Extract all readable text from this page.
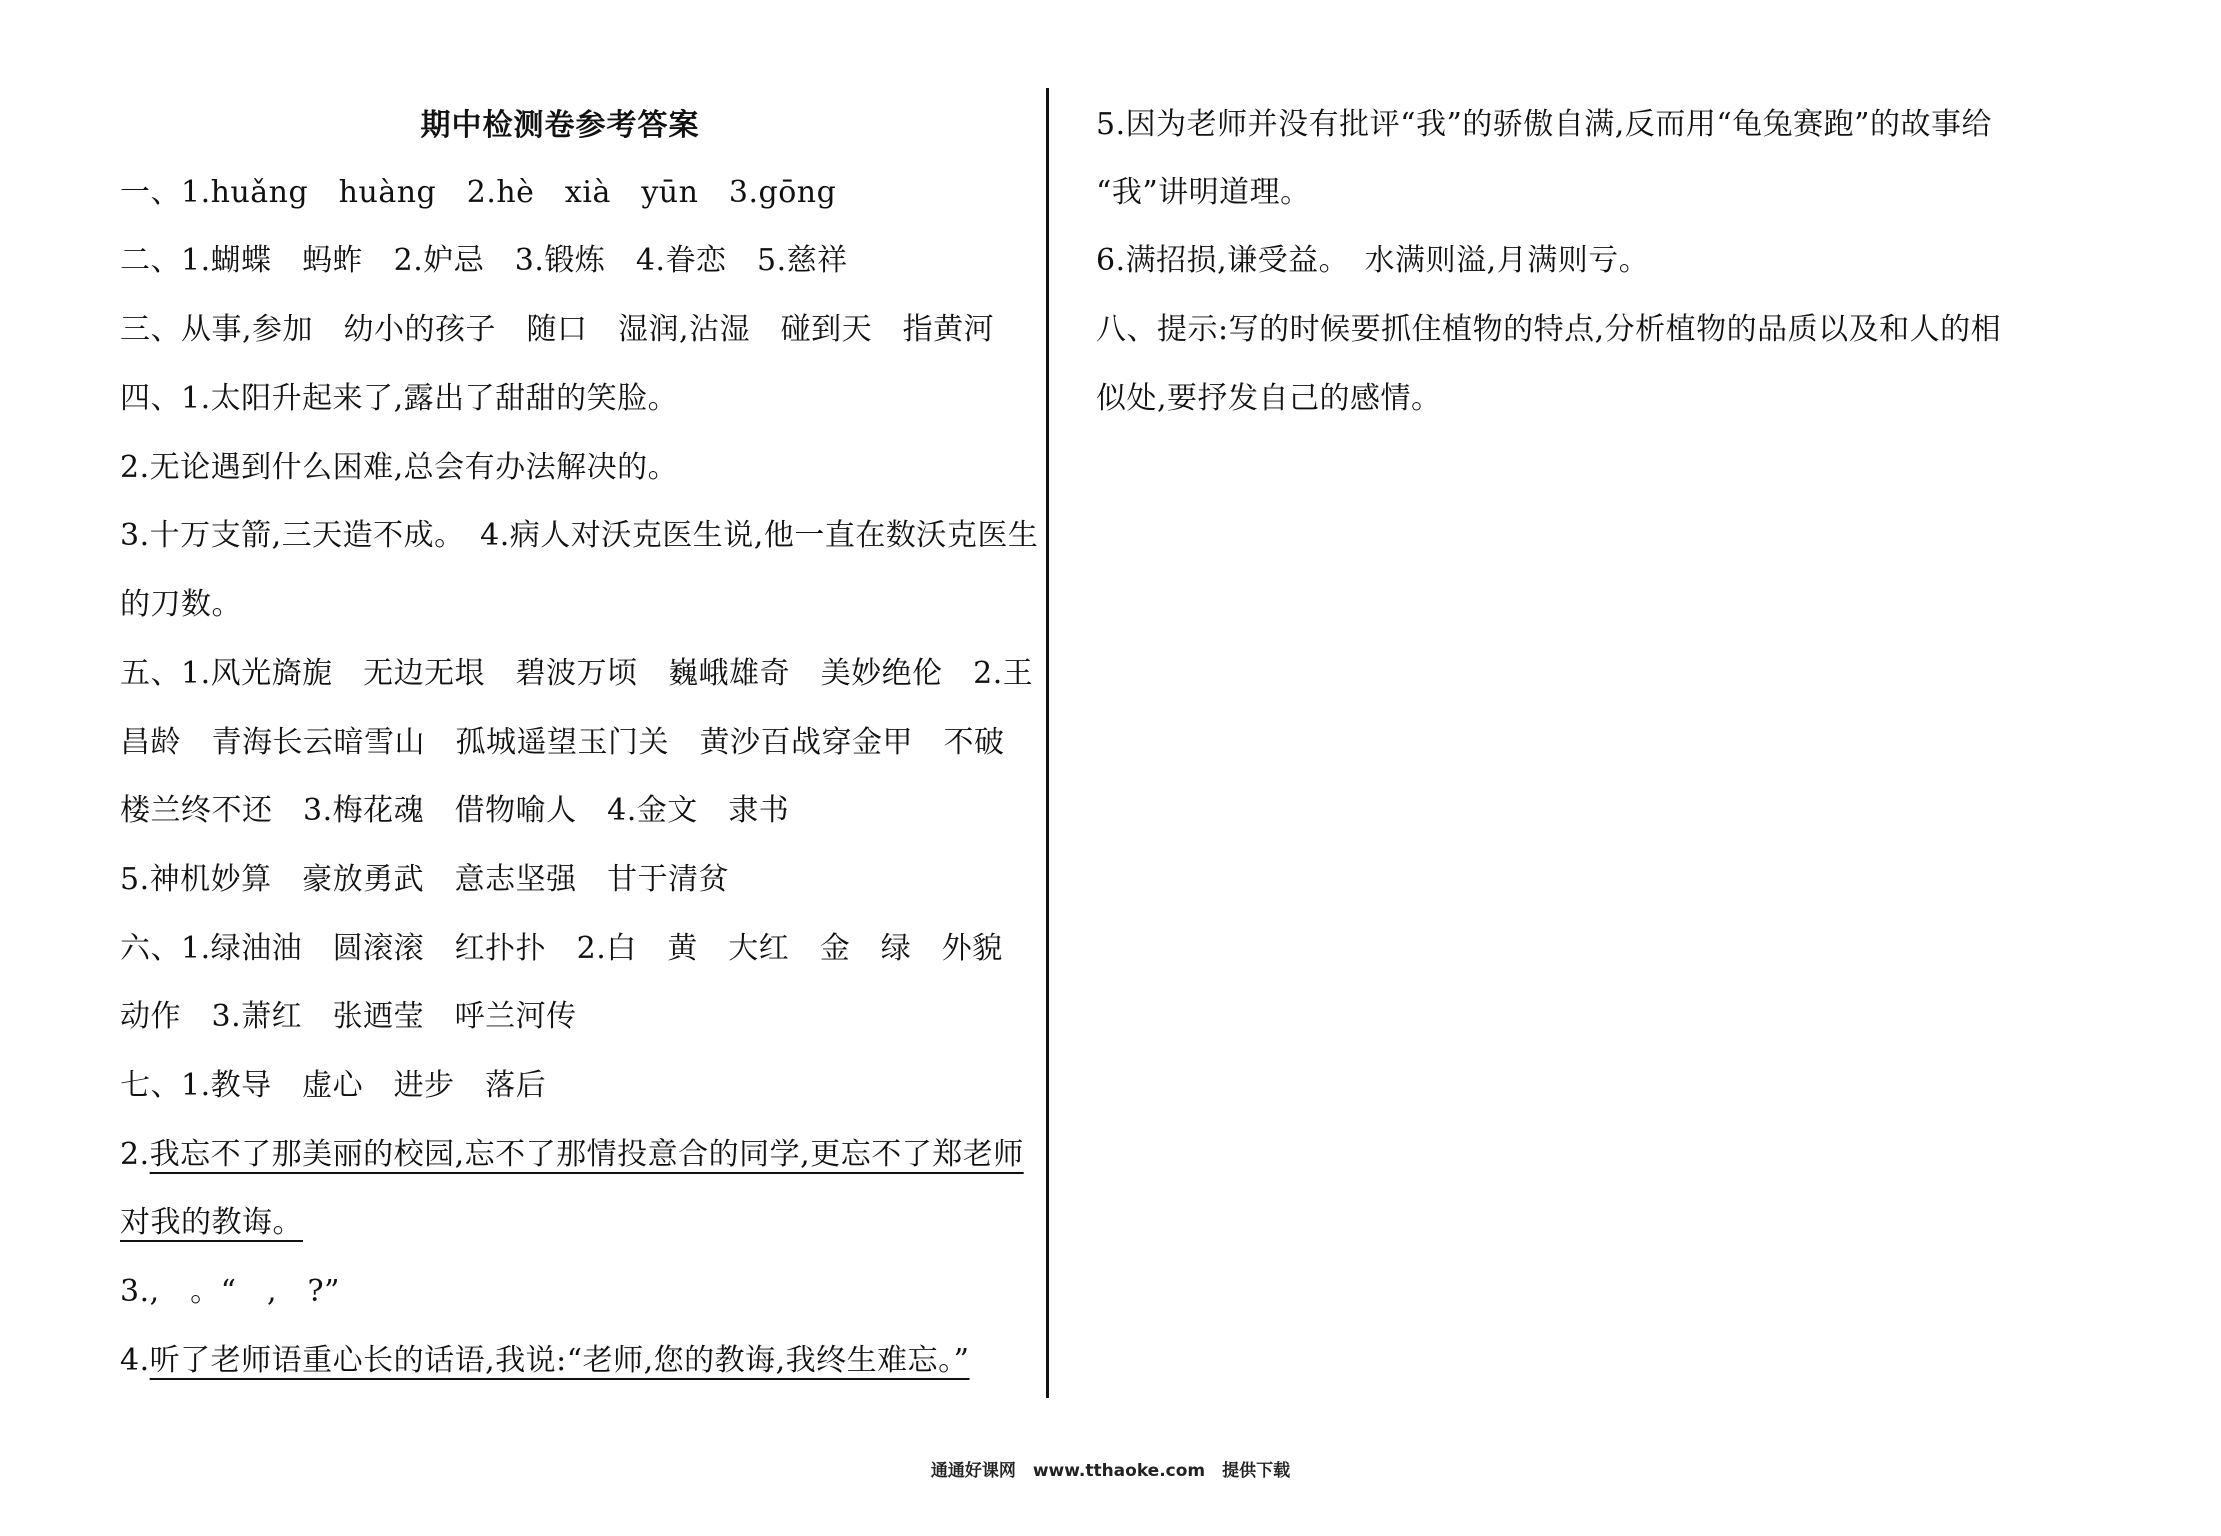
期中检测卷参考答案
一、1.huǎng　huàng　2.hè　xià　yūn　3.gōng
二、1.蝴蝶　蚂蚱　2.妒忌　3.锻炼　4.眷恋　5.慈祥
三、从事,参加　幼小的孩子　随口　湿润,沾湿　碰到天　指黄河
四、1.太阳升起来了,露出了甜甜的笑脸。
2.无论遇到什么困难,总会有办法解决的。
3.十万支箭,三天造不成。　4.病人对沃克医生说,他一直在数沃克医生
的刀数。
五、1.风光旖旎　无边无垠　碧波万顷　巍峨雄奇　美妙绝伦　2.王
昌龄　青海长云暗雪山　孤城遥望玉门关　黄沙百战穿金甲　不破
楼兰终不还　3.梅花魂　借物喻人　4.金文　隶书
5.神机妙算　豪放勇武　意志坚强　甘于清贫
六、1.绿油油　圆滚滚　红扑扑　2.白　黄　大红　金　绿　外貌
动作　3.萧红　张迺莹　呼兰河传
七、1.教导　虚心　进步　落后
2.我忘不了那美丽的校园,忘不了那情投意合的同学,更忘不了郑老师
对我的教诲。
3.,　。“　,　?”
4.听了老师语重心长的话语,我说:“老师,您的教诲,我终生难忘。”
5.因为老师并没有批评“我”的骄傲自满,反而用“龟兔赛跑”的故事给
“我”讲明道理。
6.满招损,谦受益。　水满则溢,月满则亏。
八、提示:写的时候要抓住植物的特点,分析植物的品质以及和人的相
似处,要抒发自己的感情。
通通好课网　www.tthaoke.com　提供下载
